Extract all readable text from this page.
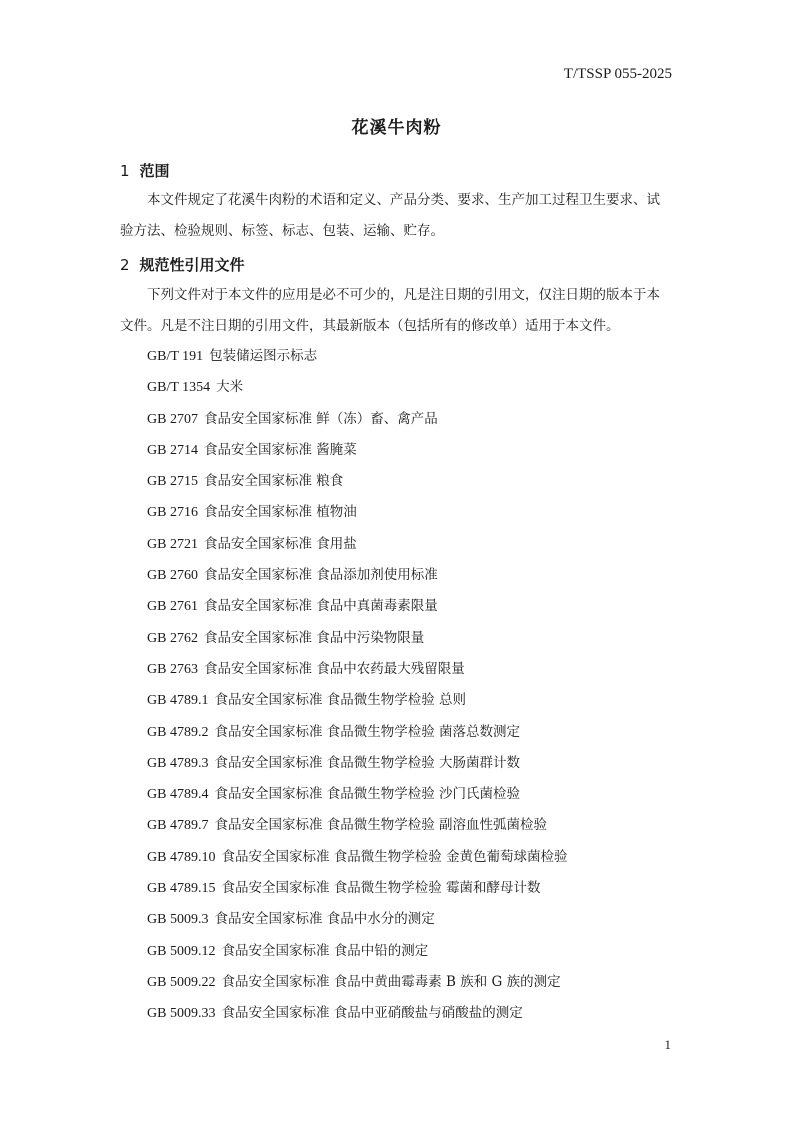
T/TSSP 055-2025
花溪牛肉粉
1 范围
本文件规定了花溪牛肉粉的术语和定义、产品分类、要求、生产加工过程卫生要求、试
验方法、检验规则、标签、标志、包装、运输、贮存。
2 规范性引用文件
下列文件对于本文件的应用是必不可少的，凡是注日期的引用文，仅注日期的版本于本
文件。凡是不注日期的引用文件，其最新版本（包括所有的修改单）适用于本文件。
GB/T 191 包装储运图示标志
GB/T 1354 大米
GB 2707 食品安全国家标准 鲜（冻）畜、禽产品
GB 2714 食品安全国家标准 酱腌菜
GB 2715 食品安全国家标准 粮食
GB 2716 食品安全国家标准 植物油
GB 2721 食品安全国家标准 食用盐
GB 2760 食品安全国家标准 食品添加剂使用标准
GB 2761 食品安全国家标准 食品中真菌毒素限量
GB 2762 食品安全国家标准 食品中污染物限量
GB 2763 食品安全国家标准 食品中农药最大残留限量
GB 4789.1 食品安全国家标准 食品微生物学检验 总则
GB 4789.2 食品安全国家标准 食品微生物学检验 菌落总数测定
GB 4789.3 食品安全国家标准 食品微生物学检验 大肠菌群计数
GB 4789.4 食品安全国家标准 食品微生物学检验 沙门氏菌检验
GB 4789.7 食品安全国家标准 食品微生物学检验 副溶血性弧菌检验
GB 4789.10 食品安全国家标准 食品微生物学检验 金黄色葡萄球菌检验
GB 4789.15 食品安全国家标准 食品微生物学检验 霉菌和酵母计数
GB 5009.3 食品安全国家标准 食品中水分的测定
GB 5009.12 食品安全国家标准 食品中铅的测定
GB 5009.22 食品安全国家标准 食品中黄曲霉毒素 B 族和 G 族的测定
GB 5009.33 食品安全国家标准 食品中亚硝酸盐与硝酸盐的测定
1
